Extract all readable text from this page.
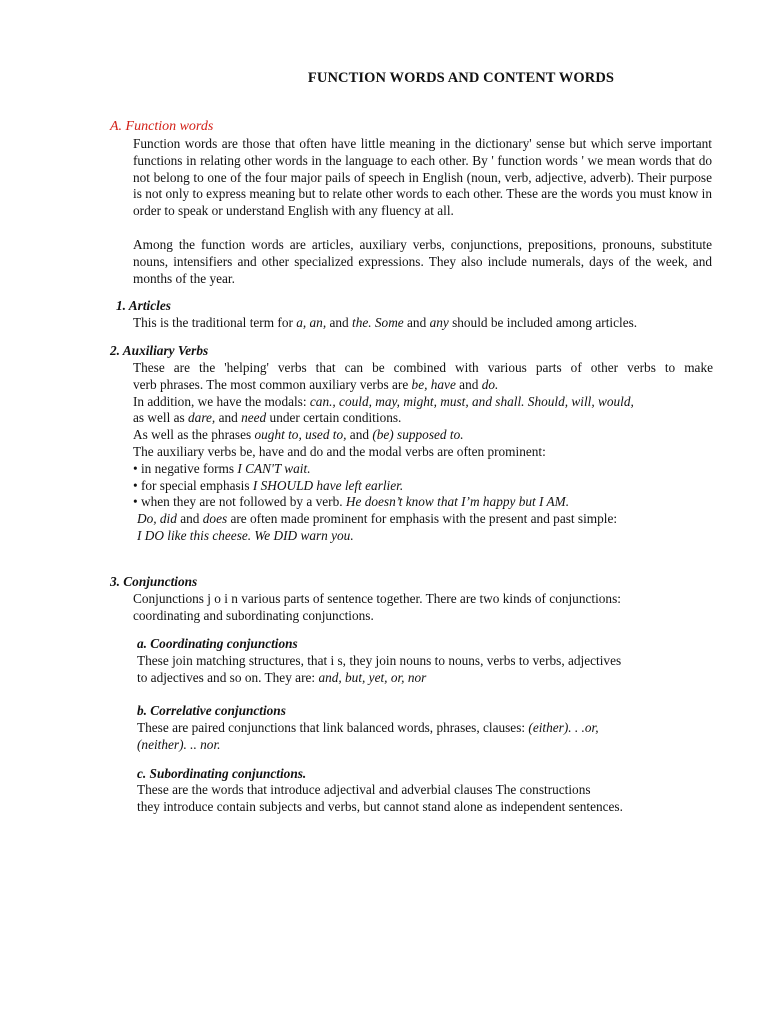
FUNCTION WORDS AND CONTENT WORDS
A. Function words
Function words are those that often have little meaning in the dictionary' sense but which serve important functions in relating other words in the language to each other. By ' function words ' we mean words that do not belong to one of the four major pails of speech in English (noun, verb, adjective, adverb). Their purpose is not only to express meaning but to relate other words to each other. These are the words you must know in order to speak or understand English with any fluency at all.
Among the function words are articles, auxiliary verbs, conjunctions, prepositions, pronouns, substitute nouns, intensifiers and other specialized expressions. They also include numerals, days of the week, and months of the year.
1. Articles
This is the traditional term for a, an, and the. Some and any should be included among articles.
2. Auxiliary Verbs
These are the 'helping' verbs that can be combined with various parts of other verbs to make
verb phrases. The most common auxiliary verbs are be, have and do.
In addition, we have the modals: can., could, may, might, must, and shall. Should, will, would,
as well as dare, and need under certain conditions.
As well as the phrases ought to, used to, and (be) supposed to.
The auxiliary verbs be, have and do and the modal verbs are often prominent:
• in negative forms I CAN'T wait.
• for special emphasis I SHOULD have left earlier.
• when they are not followed by a verb. He doesn’t know that I’m happy but I AM.
Do, did and does are often made prominent for emphasis with the present and past simple:
I DO like this cheese. We DID warn you.
3. Conjunctions
Conjunctions j o i n various parts of sentence together. There are two kinds of conjunctions:
coordinating and subordinating conjunctions.
a. Coordinating conjunctions
These join matching structures, that i s, they join nouns to nouns, verbs to verbs, adjectives
to adjectives and so on. They are: and, but, yet, or, nor
b. Correlative conjunctions
These are paired conjunctions that link balanced words, phrases, clauses: (either). . .or,
(neither). .. nor.
c. Subordinating conjunctions.
These are the words that introduce adjectival and adverbial clauses The constructions
they introduce contain subjects and verbs, but cannot stand alone as independent sentences.
